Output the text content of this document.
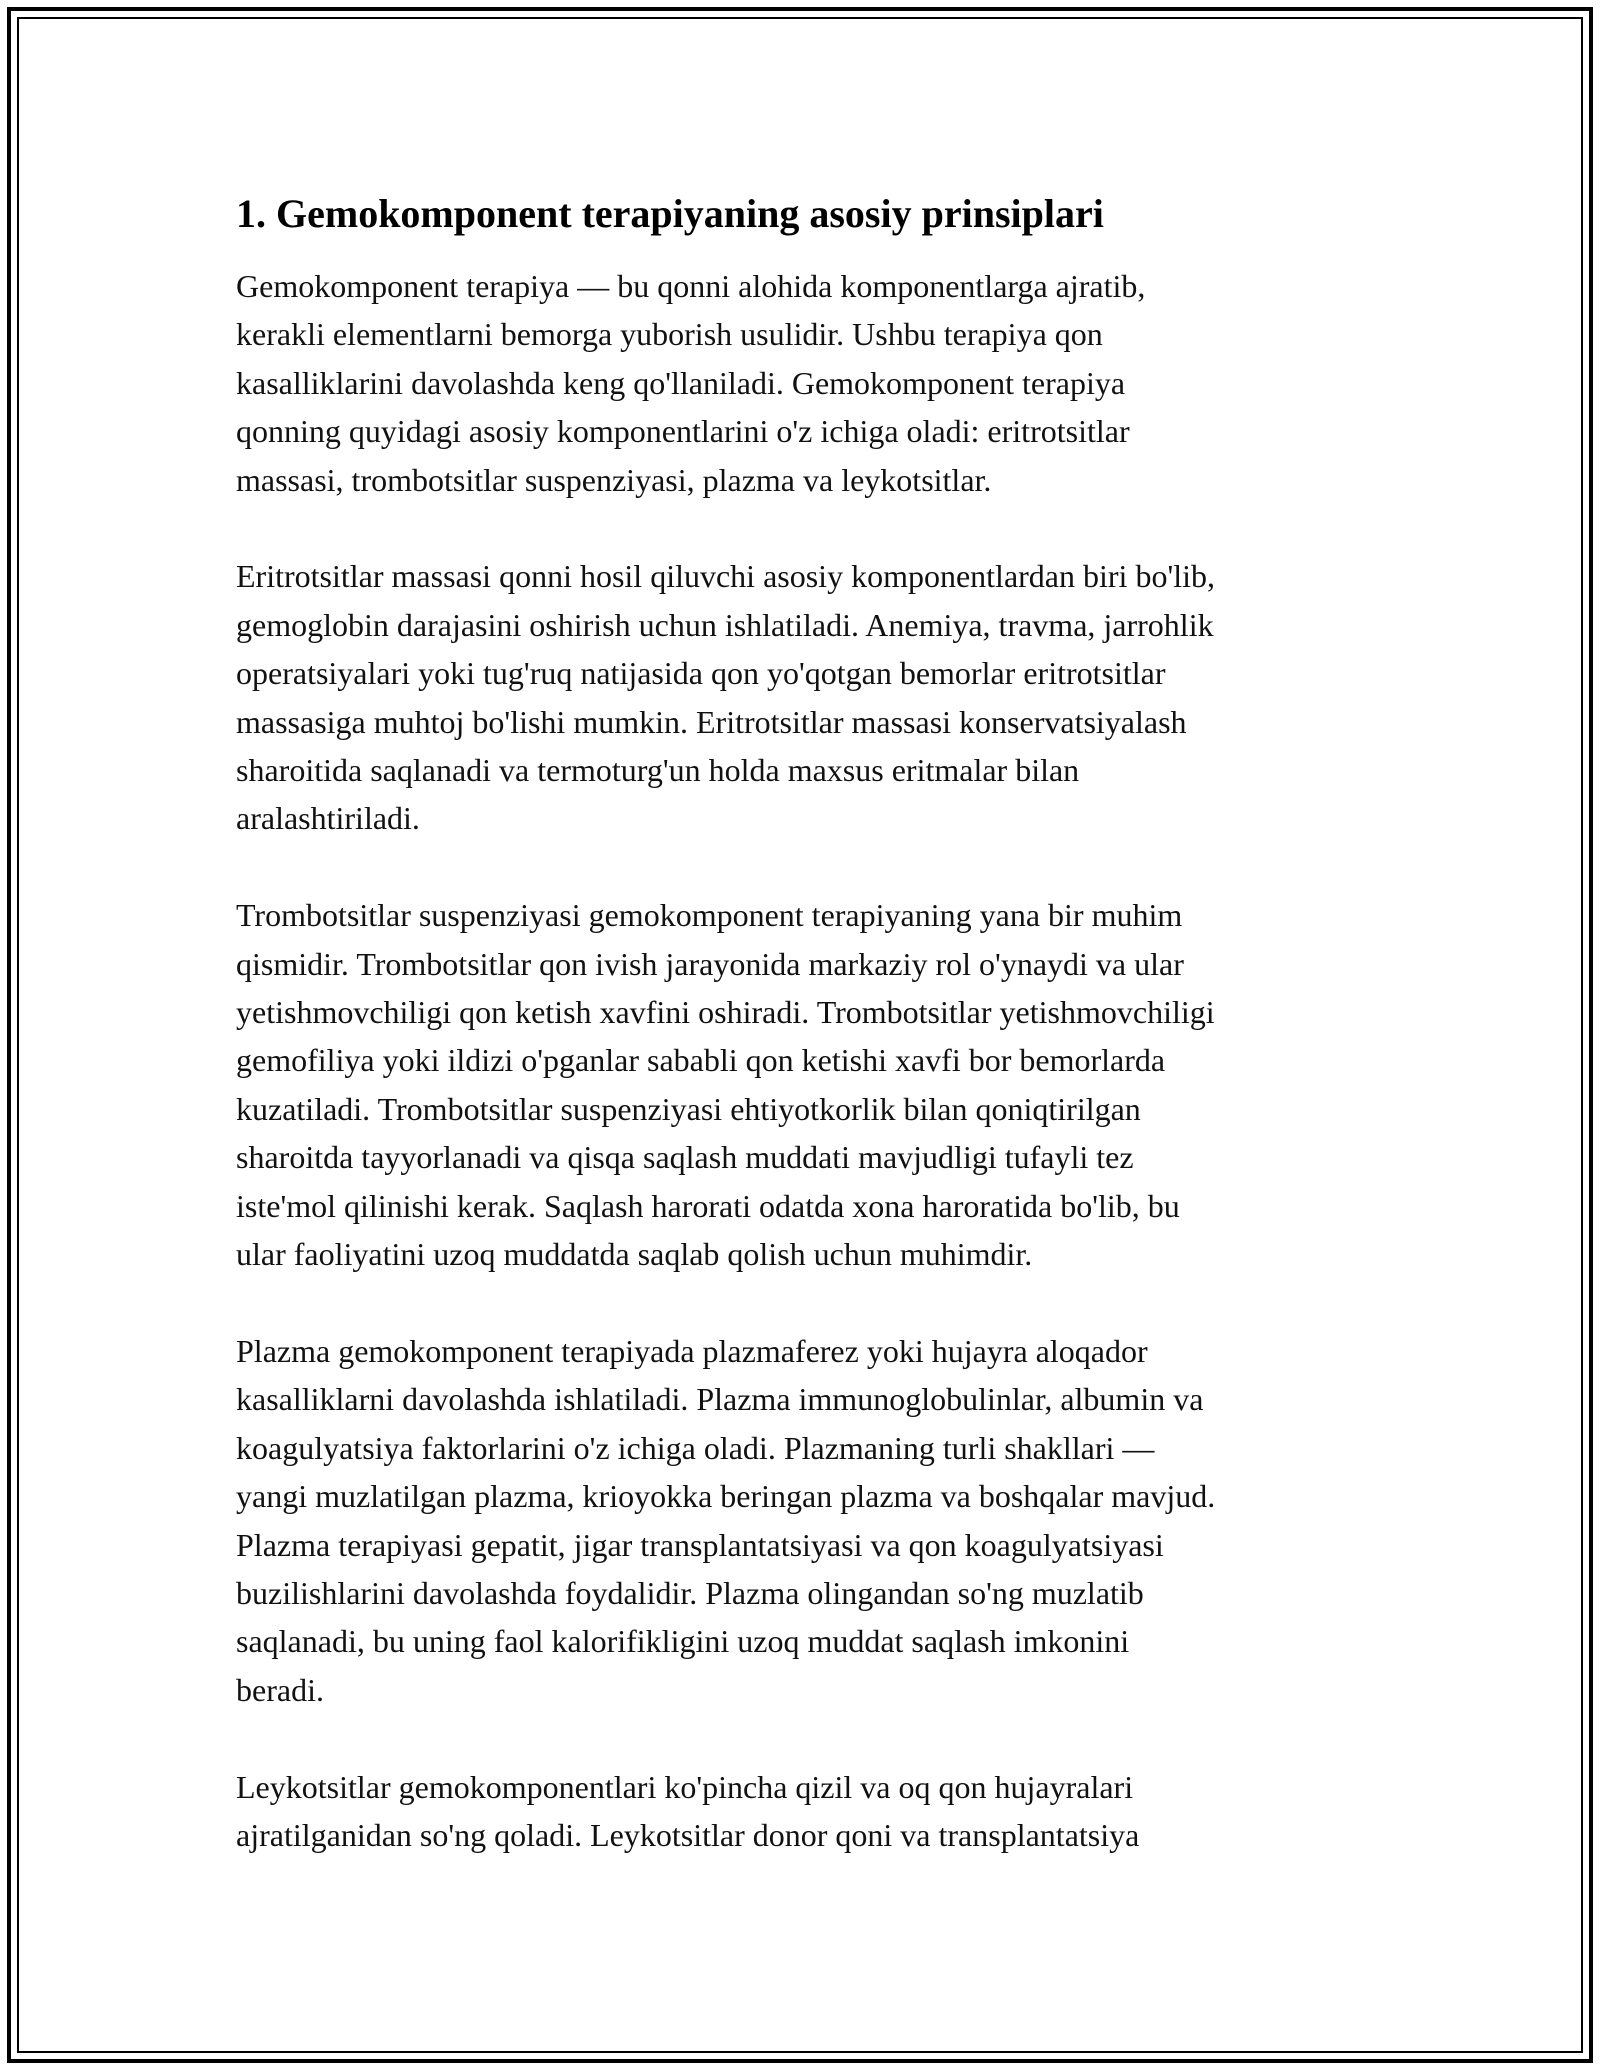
1. Gemokomponent terapiyaning asosiy prinsiplari
Gemokomponent terapiya — bu qonni alohida komponentlarga ajratib,
kerakli elementlarni bemorga yuborish usulidir. Ushbu terapiya qon
kasalliklarini davolashda keng qo'llaniladi. Gemokomponent terapiya
qonning quyidagi asosiy komponentlarini o'z ichiga oladi: eritrotsitlar
massasi, trombotsitlar suspenziyasi, plazma va leykotsitlar.
Eritrotsitlar massasi qonni hosil qiluvchi asosiy komponentlardan biri bo'lib,
gemoglobin darajasini oshirish uchun ishlatiladi. Anemiya, travma, jarrohlik
operatsiyalari yoki tug'ruq natijasida qon yo'qotgan bemorlar eritrotsitlar
massasiga muhtoj bo'lishi mumkin. Eritrotsitlar massasi konservatsiyalash
sharoitida saqlanadi va termoturg'un holda maxsus eritmalar bilan
aralashtiriladi.
Trombotsitlar suspenziyasi gemokomponent terapiyaning yana bir muhim
qismidir. Trombotsitlar qon ivish jarayonida markaziy rol o'ynaydi va ular
yetishmovchiligi qon ketish xavfini oshiradi. Trombotsitlar yetishmovchiligi
gemofiliya yoki ildizi o'pganlar sababli qon ketishi xavfi bor bemorlarda
kuzatiladi. Trombotsitlar suspenziyasi ehtiyotkorlik bilan qoniqtirilgan
sharoitda tayyorlanadi va qisqa saqlash muddati mavjudligi tufayli tez
iste'mol qilinishi kerak. Saqlash harorati odatda xona haroratida bo'lib, bu
ular faoliyatini uzoq muddatda saqlab qolish uchun muhimdir.
Plazma gemokomponent terapiyada plazmaferez yoki hujayra aloqador
kasalliklarni davolashda ishlatiladi. Plazma immunoglobulinlar, albumin va
koagulyatsiya faktorlarini o'z ichiga oladi. Plazmaning turli shakllari —
yangi muzlatilgan plazma, krioyokka beringan plazma va boshqalar mavjud.
Plazma terapiyasi gepatit, jigar transplantatsiyasi va qon koagulyatsiyasi
buzilishlarini davolashda foydalidir. Plazma olingandan so'ng muzlatib
saqlanadi, bu uning faol kalorifikligini uzoq muddat saqlash imkonini
beradi.
Leykotsitlar gemokomponentlari ko'pincha qizil va oq qon hujayralari
ajratilganidan so'ng qoladi. Leykotsitlar donor qoni va transplantatsiya
